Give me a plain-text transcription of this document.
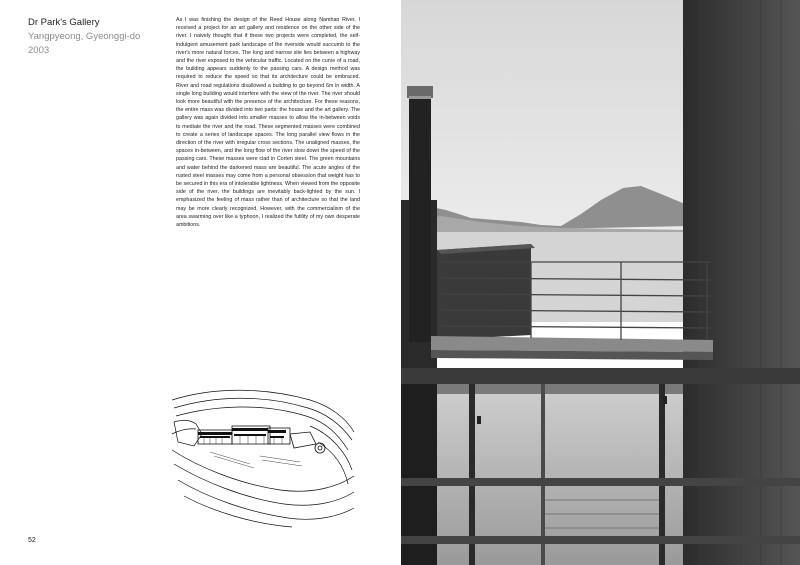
Dr Park's Gallery

Yangpyeong, Gyeonggi-do

2003

As I was finishing the design of the Reed House along Namhan River, I received a project for an art gallery and residence on the other side of the river. I naively thought that if these two projects were completed, the self-indulgent amusement park landscape of the riverside would succumb to the river's more natural forces. The long and narrow site lies between a highway and the river exposed to the vehicular traffic. Located on the curve of a road, the building appears suddenly to the passing cars. A design method was required to reduce the speed so that its architecture could be embraced. River and road regulations disallowed a building to go beyond 6m in width. A single long building would interfere with the view of the river. The river should look more beautiful with the presence of the architecture. For these reasons, the entire mass was divided into two parts: the house and the art gallery. The gallery was again divided into smaller masses to allow the in-between voids to mediate the river and the road. These segmented masses were combined to create a series of landscape spaces. The long parallel view flows in the direction of the river with irregular cross sections. The unaligned masses, the spaces in-between, and the long flow of the river slow down the speed of the passing cars. These masses were clad in Corten steel. The green mountains and water behind the darkened mass are beautiful. The acute angles of the rusted steel masses may come from a personal obsession that weight has to be secured in this era of intolerable lightness. When viewed from the opposite side of the river, the buildings are inevitably back-lighted by the sun. I emphasized the feeling of mass rather than of architecture so that the land may be more clearly recognized. However, with the commercialism of the area swarming over like a typhoon, I realized the futility of my own desperate ambitions.

52
